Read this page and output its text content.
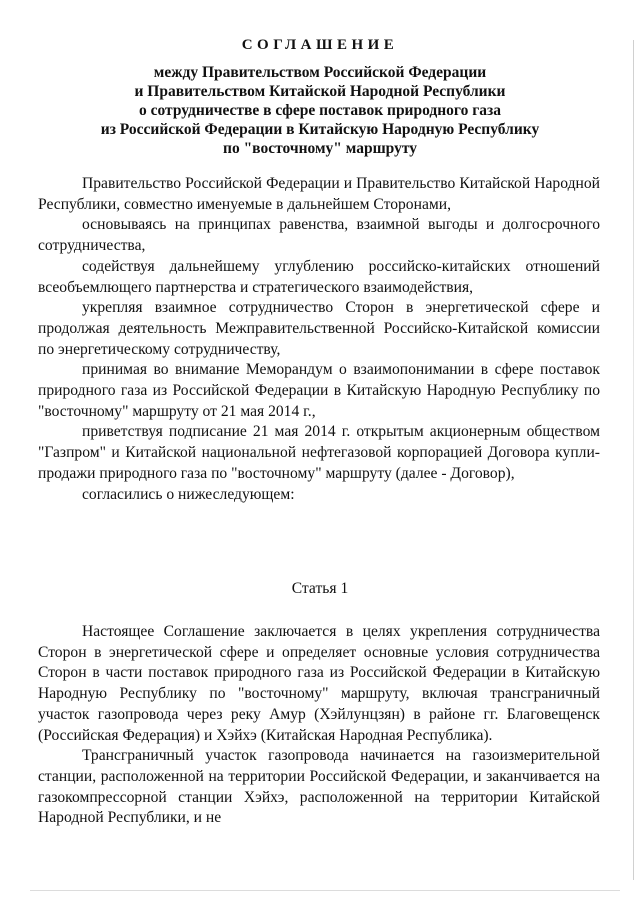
СОГЛАШЕНИЕ
между Правительством Российской Федерации
и Правительством Китайской Народной Республики
о сотрудничестве в сфере поставок природного газа
из Российской Федерации в Китайскую Народную Республику
по "восточному" маршруту

Правительство Российской Федерации и Правительство Китайской Народной Республики, совместно именуемые в дальнейшем Сторонами,

основываясь на принципах равенства, взаимной выгоды и долгосрочного сотрудничества,

содействуя дальнейшему углублению российско-китайских отношений всеобъемлющего партнерства и стратегического взаимодействия,

укрепляя взаимное сотрудничество Сторон в энергетической сфере и продолжая деятельность Межправительственной Российско-Китайской комиссии по энергетическому сотрудничеству,

принимая во внимание Меморандум о взаимопонимании в сфере поставок природного газа из Российской Федерации в Китайскую Народную Республику по "восточному" маршруту от 21 мая 2014 г.,

приветствуя подписание 21 мая 2014 г. открытым акционерным обществом "Газпром" и Китайской национальной нефтегазовой корпорацией Договора купли-продажи природного газа по "восточному" маршруту (далее - Договор),

согласились о нижеследующем:

Статья 1

Настоящее Соглашение заключается в целях укрепления сотрудничества Сторон в энергетической сфере и определяет основные условия сотрудничества Сторон в части поставок природного газа из Российской Федерации в Китайскую Народную Республику по "восточному" маршруту, включая трансграничный участок газопровода через реку Амур (Хэйлунцзян) в районе гг. Благовещенск (Российская Федерация) и Хэйхэ (Китайская Народная Республика).

Трансграничный участок газопровода начинается на газоизмерительной станции, расположенной на территории Российской Федерации, и заканчивается на газокомпрессорной станции Хэйхэ, расположенной на территории Китайской Народной Республики, и не
